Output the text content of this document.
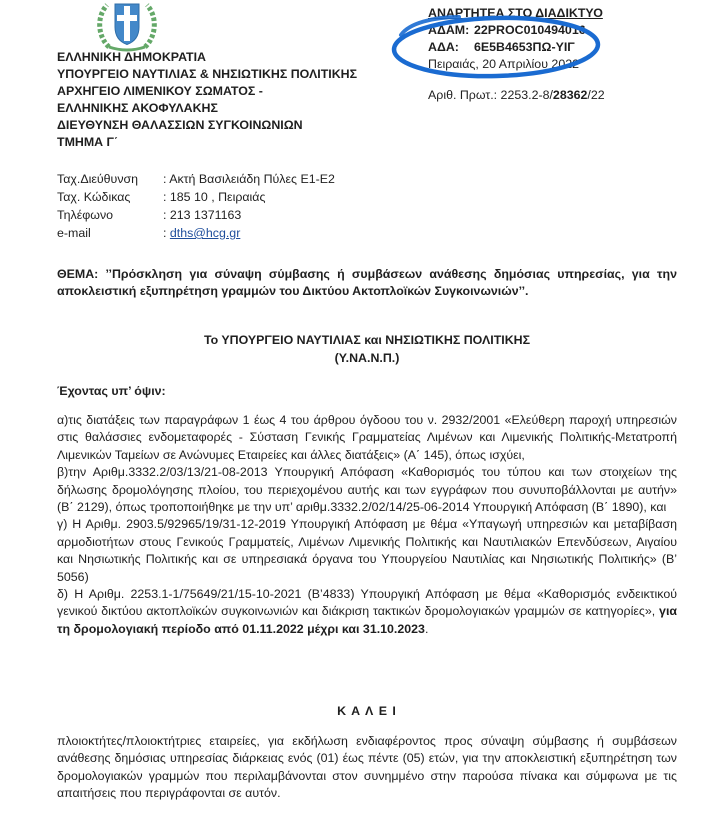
ΕΛΛΗΝΙΚΗ ΔΗΜΟΚΡΑΤΙΑ
ΥΠΟΥΡΓΕΙΟ ΝΑΥΤΙΛΙΑΣ & ΝΗΣΙΩΤΙΚΗΣ ΠΟΛΙΤΙΚΗΣ
ΑΡΧΗΓΕΙΟ ΛΙΜΕΝΙΚΟΥ ΣΩΜΑΤΟΣ -
ΕΛΛΗΝΙΚΗΣ ΑΚΟΦΥΛΑΚΗΣ
ΔΙΕΥΘΥΝΣΗ ΘΑΛΑΣΣΙΩΝ ΣΥΓΚΟΙΝΩΝΙΩΝ
ΤΜΗΜΑ Γ΄
ΑΝΑΡΤΗΤΕΑ ΣΤΟ ΔΙΑΔΙΚΤΥΟ
ΑΔΑΜ: 22PROC010494016
ΑΔΑ: 6Ε5Β4653ΠΩ-ΥΙΓ
Πειραιάς, 20 Απριλίου 2022
Αριθ. Πρωτ.: 2253.2-8/28362/22
Ταχ.Διεύθυνση : Ακτή Βασιλειάδη Πύλες Ε1-Ε2
Ταχ. Κώδικας	: 185 10 , Πειραιάς
Τηλέφωνο	: 213 1371163
e-mail	: dths@hcg.gr
ΘΕΜΑ: ’’Πρόσκληση για σύναψη σύμβασης ή συμβάσεων ανάθεσης δημόσιας υπηρεσίας, για την αποκλειστική εξυπηρέτηση γραμμών του Δικτύου Ακτοπλοϊκών Συγκοινωνιών’’.
Το ΥΠΟΥΡΓΕΙΟ ΝΑΥΤΙΛΙΑΣ και ΝΗΣΙΩΤΙΚΗΣ ΠΟΛΙΤΙΚΗΣ
(Υ.ΝΑ.Ν.Π.)
Έχοντας υπ’ όψιν:
α)τις διατάξεις των παραγράφων 1 έως 4 του άρθρου όγδοου του ν. 2932/2001 «Ελεύθερη παροχή υπηρεσιών στις θαλάσσιες ενδομεταφορές - Σύσταση Γενικής Γραμματείας Λιμένων και Λιμενικής Πολιτικής-Μετατροπή Λιμενικών Ταμείων σε Ανώνυμες Εταιρείες και άλλες διατάξεις» (Α΄ 145), όπως ισχύει,
β)την Αριθμ.3332.2/03/13/21-08-2013 Υπουργική Απόφαση «Καθορισμός του τύπου και των στοιχείων της δήλωσης δρομολόγησης πλοίου, του περιεχομένου αυτής και των εγγράφων που συνυποβάλλονται με αυτήν» (Β΄ 2129), όπως τροποποιήθηκε με την υπ’ αριθμ.3332.2/02/14/25-06-2014 Υπουργική Απόφαση (Β΄ 1890), και
γ) Η Αριθμ. 2903.5/92965/19/31-12-2019 Υπουργική Απόφαση με θέμα «Υπαγωγή υπηρεσιών και μεταβίβαση αρμοδιοτήτων στους Γενικούς Γραμματείς, Λιμένων Λιμενικής Πολιτικής και Ναυτιλιακών Επενδύσεων, Αιγαίου και Νησιωτικής Πολιτικής και σε υπηρεσιακά όργανα του Υπουργείου Ναυτιλίας και Νησιωτικής Πολιτικής» (Β’ 5056)
δ) Η Αριθμ. 2253.1-1/75649/21/15-10-2021 (Β’4833) Υπουργική Απόφαση με θέμα «Καθορισμός ενδεικτικού γενικού δικτύου ακτοπλοϊκών συγκοινωνιών και διάκριση τακτικών δρομολογιακών γραμμών σε κατηγορίες», για τη δρομολογιακή περίοδο από 01.11.2022 μέχρι και 31.10.2023.
Κ Α Λ Ε Ι
πλοιοκτήτες/πλοιοκτήτριες εταιρείες, για εκδήλωση ενδιαφέροντος προς σύναψη σύμβασης ή συμβάσεων ανάθεσης δημόσιας υπηρεσίας διάρκειας ενός (01) έως πέντε (05) ετών, για την αποκλειστική εξυπηρέτηση των δρομολογιακών γραμμών που περιλαμβάνονται στον συνημμένο στην παρούσα πίνακα και σύμφωνα με τις απαιτήσεις που περιγράφονται σε αυτόν.
